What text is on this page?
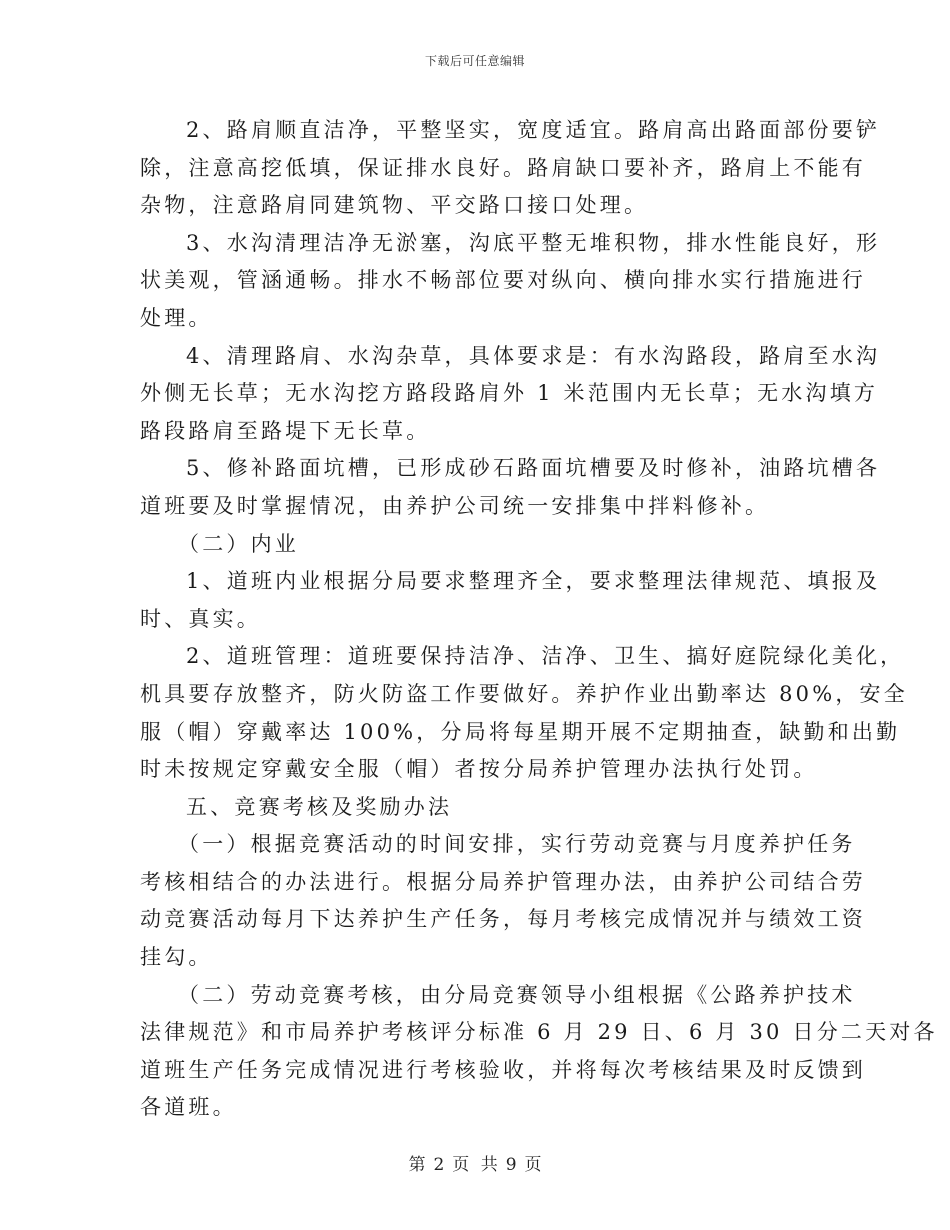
下载后可任意编辑
2、路肩顺直洁净，平整坚实，宽度适宜。路肩高出路面部份要铲
除，注意高挖低填，保证排水良好。路肩缺口要补齐，路肩上不能有
杂物，注意路肩同建筑物、平交路口接口处理。
3、水沟清理洁净无淤塞，沟底平整无堆积物，排水性能良好，形
状美观，管涵通畅。排水不畅部位要对纵向、横向排水实行措施进行
处理。
4、清理路肩、水沟杂草，具体要求是：有水沟路段，路肩至水沟
外侧无长草；无水沟挖方路段路肩外 1 米范围内无长草；无水沟填方
路段路肩至路堤下无长草。
5、修补路面坑槽，已形成砂石路面坑槽要及时修补，油路坑槽各
道班要及时掌握情况，由养护公司统一安排集中拌料修补。
（二）内业
1、道班内业根据分局要求整理齐全，要求整理法律规范、填报及
时、真实。
2、道班管理：道班要保持洁净、洁净、卫生、搞好庭院绿化美化，
机具要存放整齐，防火防盗工作要做好。养护作业出勤率达 80%，安全
服（帽）穿戴率达 100%，分局将每星期开展不定期抽查，缺勤和出勤
时未按规定穿戴安全服（帽）者按分局养护管理办法执行处罚。
五、竞赛考核及奖励办法
（一）根据竞赛活动的时间安排，实行劳动竞赛与月度养护任务
考核相结合的办法进行。根据分局养护管理办法，由养护公司结合劳
动竞赛活动每月下达养护生产任务，每月考核完成情况并与绩效工资
挂勾。
（二）劳动竞赛考核，由分局竞赛领导小组根据《公路养护技术
法律规范》和市局养护考核评分标准 6 月 29 日、6 月 30 日分二天对各
道班生产任务完成情况进行考核验收，并将每次考核结果及时反馈到
各道班。
第 2 页 共 9 页
